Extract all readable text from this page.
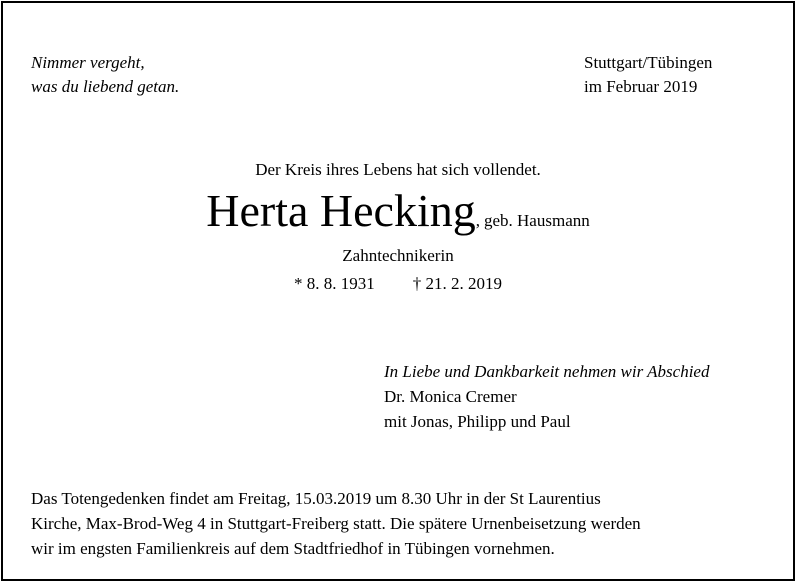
Nimmer vergeht,
was du liebend getan.
Stuttgart/Tübingen
im Februar 2019
Der Kreis ihres Lebens hat sich vollendet.
Herta Hecking, geb. Hausmann
Zahntechnikerin
* 8. 8. 1931 † 21. 2. 2019
In Liebe und Dankbarkeit nehmen wir Abschied
Dr. Monica Cremer
mit Jonas, Philipp und Paul
Das Totengedenken findet am Freitag, 15.03.2019 um 8.30 Uhr in der St Laurentius
Kirche, Max-Brod-Weg 4 in Stuttgart-Freiberg statt. Die spätere Urnenbeisetzung werden
wir im engsten Familienkreis auf dem Stadtfriedhof in Tübingen vornehmen.
